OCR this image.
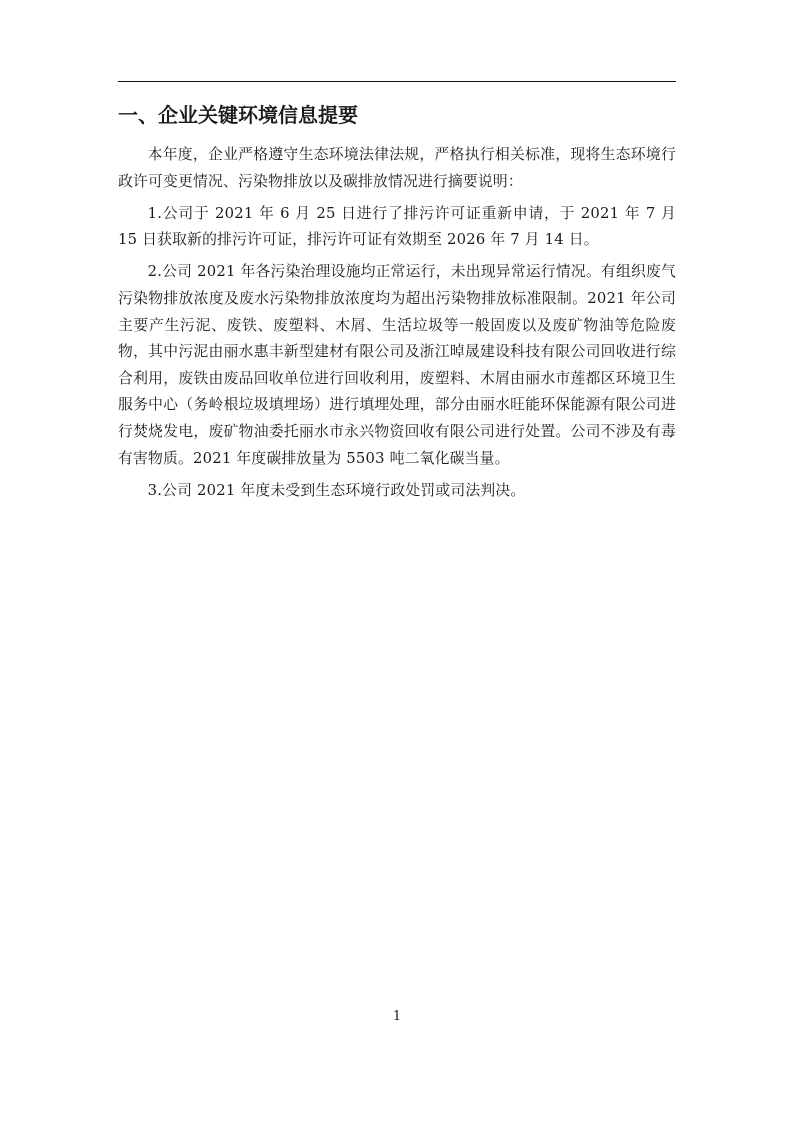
一、企业关键环境信息提要

本年度，企业严格遵守生态环境法律法规，严格执行相关标准，现将生态环境行政许可变更情况、污染物排放以及碳排放情况进行摘要说明：

1.公司于 2021 年 6 月 25 日进行了排污许可证重新申请，于 2021 年 7 月 15 日获取新的排污许可证，排污许可证有效期至 2026 年 7 月 14 日。

2.公司 2021 年各污染治理设施均正常运行，未出现异常运行情况。有组织废气污染物排放浓度及废水污染物排放浓度均为超出污染物排放标准限制。2021 年公司主要产生污泥、废铁、废塑料、木屑、生活垃圾等一般固废以及废矿物油等危险废物，其中污泥由丽水惠丰新型建材有限公司及浙江晫晟建设科技有限公司回收进行综合利用，废铁由废品回收单位进行回收利用，废塑料、木屑由丽水市莲都区环境卫生服务中心（务岭根垃圾填埋场）进行填埋处理，部分由丽水旺能环保能源有限公司进行焚烧发电，废矿物油委托丽水市永兴物资回收有限公司进行处置。公司不涉及有毒有害物质。2021 年度碳排放量为 5503 吨二氧化碳当量。

3.公司 2021 年度未受到生态环境行政处罚或司法判决。

1
